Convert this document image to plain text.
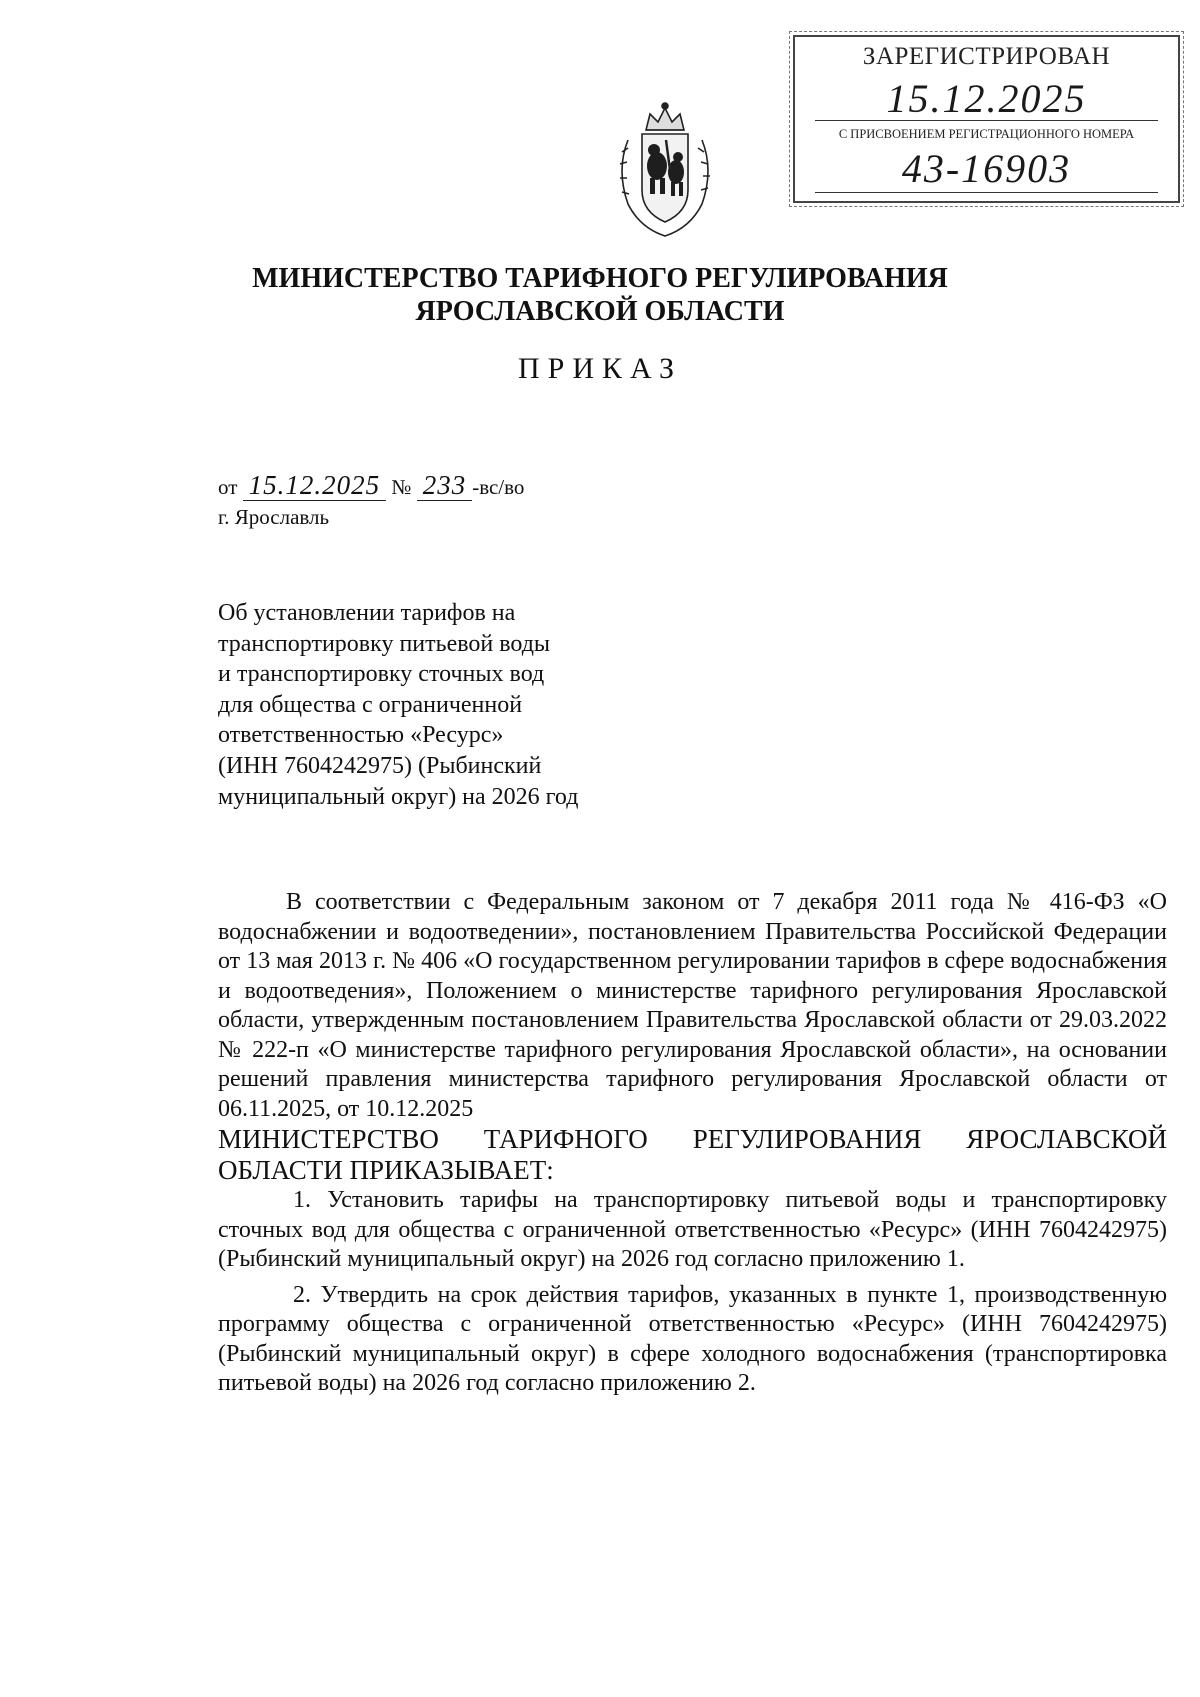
ЗАРЕГИСТРИРОВАН
15.12.2025
С ПРИСВОЕНИЕМ РЕГИСТРАЦИОННОГО НОМЕРА
43-16903
МИНИСТЕРСТВО ТАРИФНОГО РЕГУЛИРОВАНИЯ
ЯРОСЛАВСКОЙ ОБЛАСТИ
ПРИКАЗ
от 15.12.2025 № 233 -вс/во
г. Ярославль
Об установлении тарифов на
транспортировку питьевой воды
и транспортировку сточных вод
для общества с ограниченной
ответственностью «Ресурс»
(ИНН 7604242975) (Рыбинский
муниципальный округ) на 2026 год

В соответствии с Федеральным законом от 7 декабря 2011 года № 416-ФЗ «О водоснабжении и водоотведении», постановлением Правительства Российской Федерации от 13 мая 2013 г. № 406 «О государственном регулировании тарифов в сфере водоснабжения и водоотведения», Положением о министерстве тарифного регулирования Ярославской области, утвержденным постановлением Правительства Ярославской области от 29.03.2022 № 222-п «О министерстве тарифного регулирования Ярославской области», на основании решений правления министерства тарифного регулирования Ярославской области от 06.11.2025, от 10.12.2025

МИНИСТЕРСТВО ТАРИФНОГО РЕГУЛИРОВАНИЯ ЯРОСЛАВСКОЙ ОБЛАСТИ ПРИКАЗЫВАЕТ:

1. Установить тарифы на транспортировку питьевой воды и транспортировку сточных вод для общества с ограниченной ответственностью «Ресурс» (ИНН 7604242975) (Рыбинский муниципальный округ) на 2026 год согласно приложению 1.

2. Утвердить на срок действия тарифов, указанных в пункте 1, производственную программу общества с ограниченной ответственностью «Ресурс» (ИНН 7604242975) (Рыбинский муниципальный округ) в сфере холодного водоснабжения (транспортировка питьевой воды) на 2026 год согласно приложению 2.
